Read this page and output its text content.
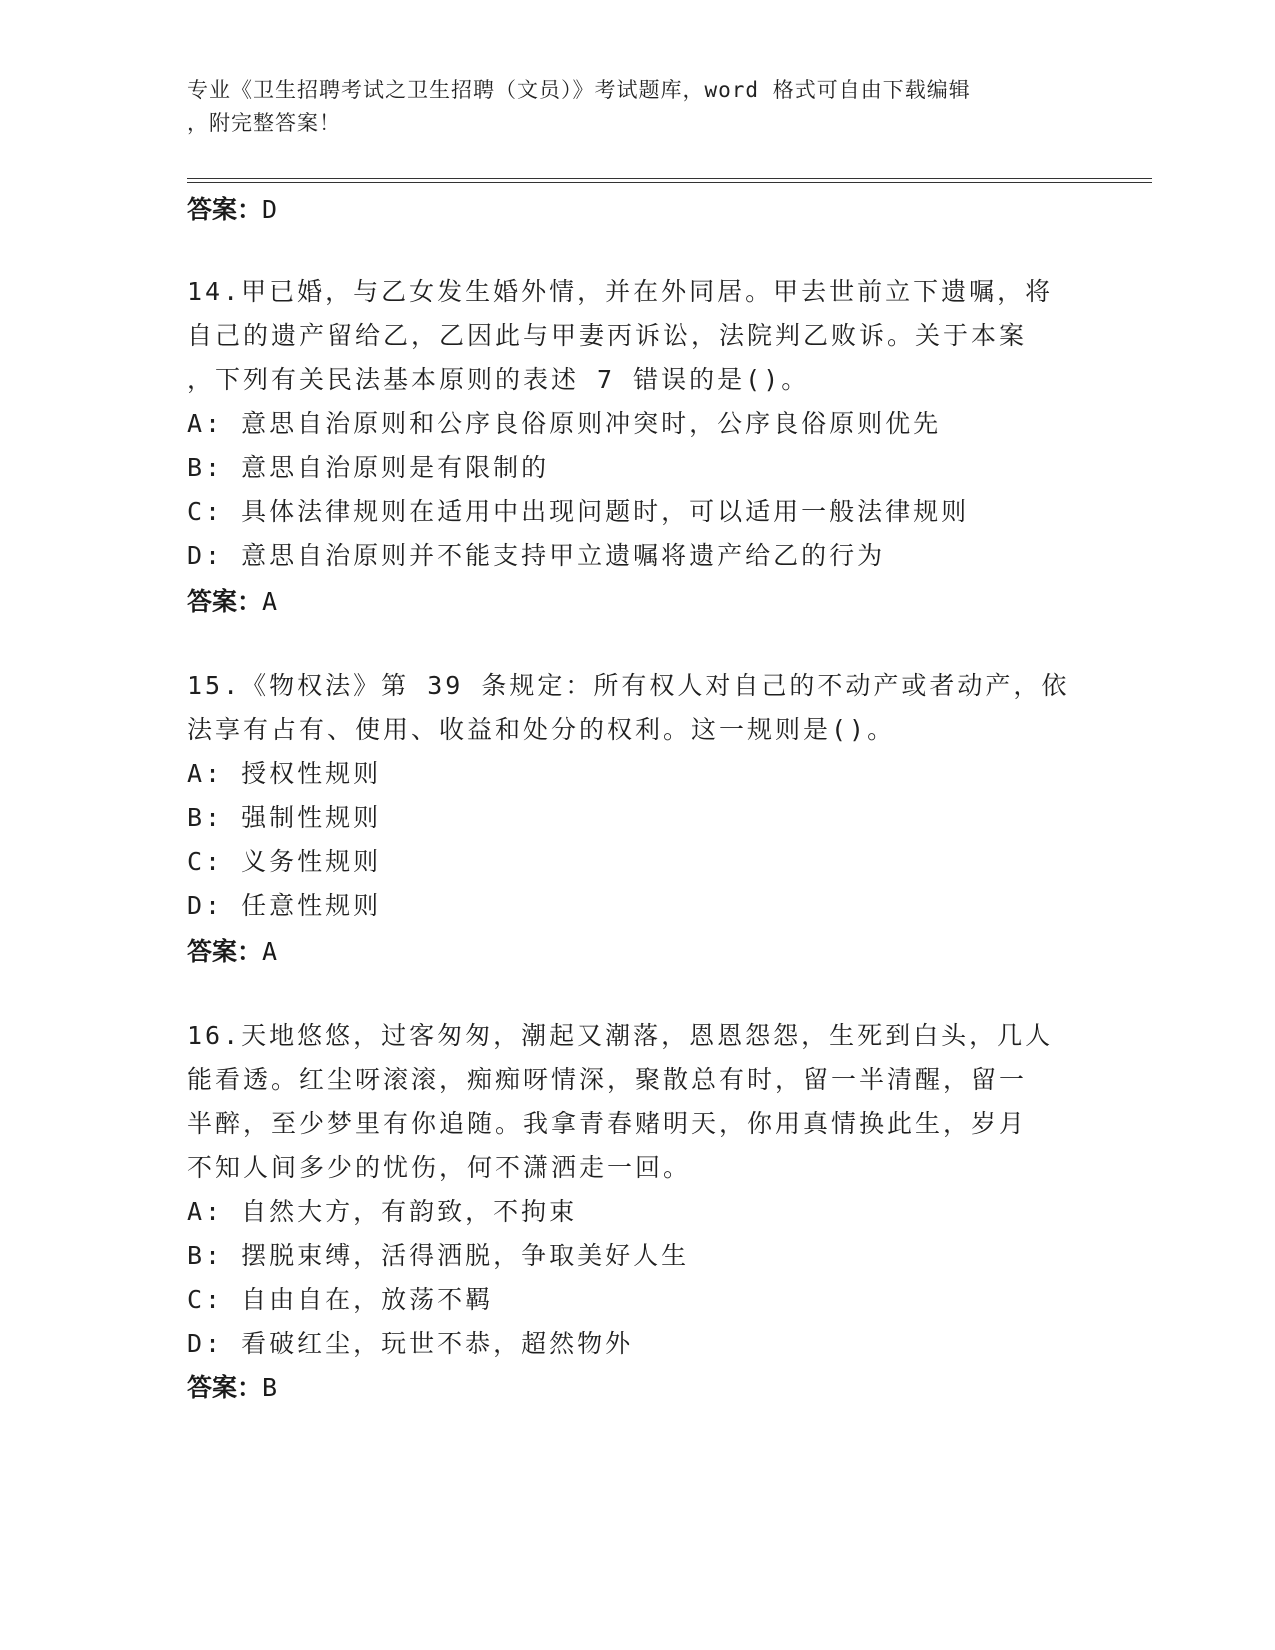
专业《卫生招聘考试之卫生招聘（文员）》考试题库，word 格式可自由下载编辑
，附完整答案！
答案：D
14.甲已婚，与乙女发生婚外情，并在外同居。甲去世前立下遗嘱，将
自己的遗产留给乙，乙因此与甲妻丙诉讼，法院判乙败诉。关于本案
，下列有关民法基本原则的表述 7 错误的是()。
A: 意思自治原则和公序良俗原则冲突时，公序良俗原则优先
B: 意思自治原则是有限制的
C: 具体法律规则在适用中出现问题时，可以适用一般法律规则
D: 意思自治原则并不能支持甲立遗嘱将遗产给乙的行为
答案：A
15.《物权法》第 39 条规定：所有权人对自己的不动产或者动产，依
法享有占有、使用、收益和处分的权利。这一规则是()。
A: 授权性规则
B: 强制性规则
C: 义务性规则
D: 任意性规则
答案：A
16.天地悠悠，过客匆匆，潮起又潮落，恩恩怨怨，生死到白头，几人
能看透。红尘呀滚滚，痴痴呀情深，聚散总有时，留一半清醒，留一
半醉，至少梦里有你追随。我拿青春赌明天，你用真情换此生，岁月
不知人间多少的忧伤，何不潇洒走一回。
A: 自然大方，有韵致，不拘束
B: 摆脱束缚，活得洒脱，争取美好人生
C: 自由自在，放荡不羁
D: 看破红尘，玩世不恭，超然物外
答案：B
